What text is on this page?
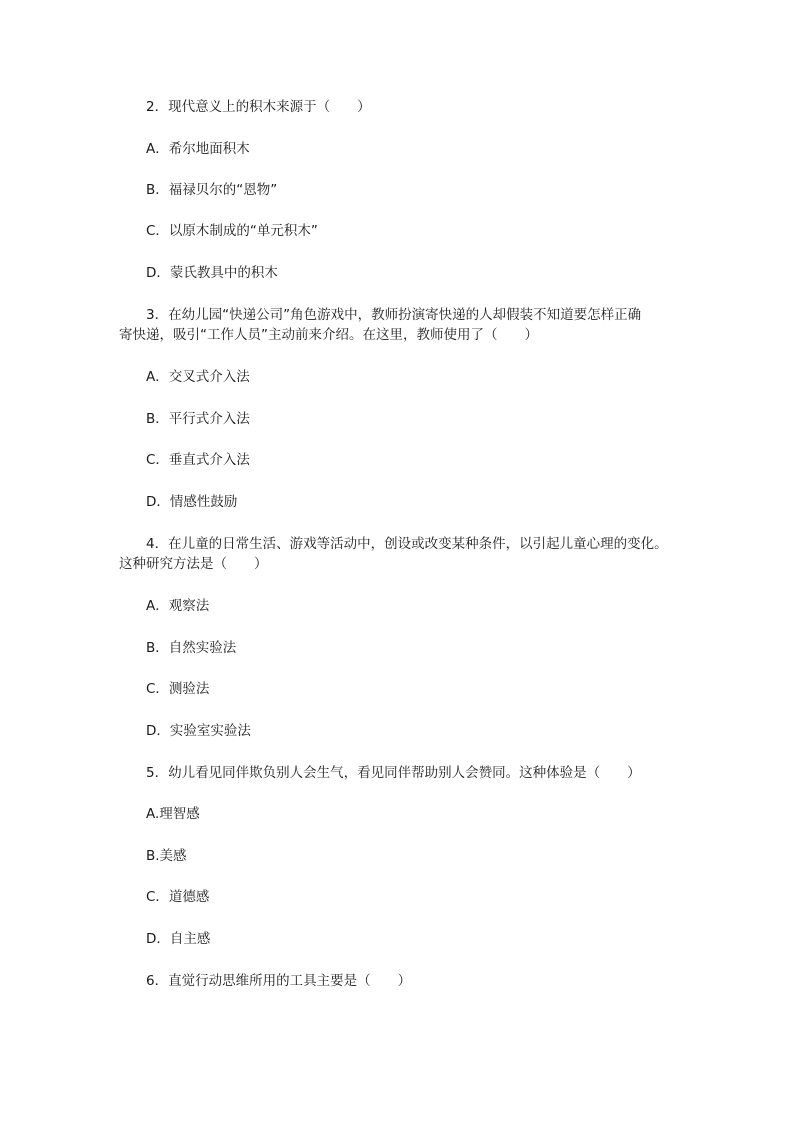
2．现代意义上的积木来源于（　　）
A．希尔地面积木
B．福禄贝尔的“恩物”
C．以原木制成的“单元积木”
D．蒙氏教具中的积木
3．在幼儿园“快递公司”角色游戏中，教师扮演寄快递的人却假装不知道要怎样正确
寄快递，吸引“工作人员”主动前来介绍。在这里，教师使用了（　　）
A．交叉式介入法
B．平行式介入法
C．垂直式介入法
D．情感性鼓励
4．在儿童的日常生活、游戏等活动中，创设或改变某种条件，以引起儿童心理的变化。
这种研究方法是（　　）
A．观察法
B．自然实验法
C．测验法
D．实验室实验法
5．幼儿看见同伴欺负别人会生气，看见同伴帮助别人会赞同。这种体验是（　　）
A.理智感
B.美感
C．道德感
D．自主感
6．直觉行动思维所用的工具主要是（　　）
